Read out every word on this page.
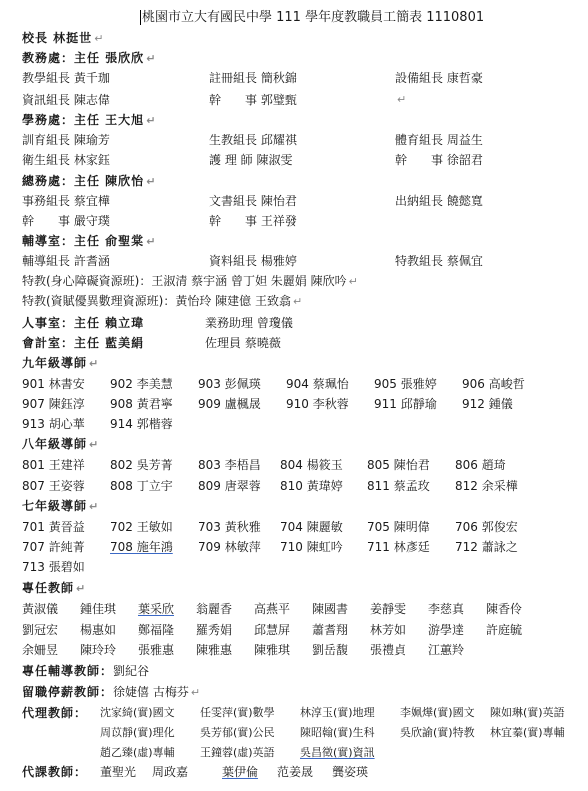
桃園市立大有國民中學 111 學年度教職員工簡表 1110801
校長 林挺世 ↵
教務處：主任 張欣欣 ↵
教學組長 黃千珈	註冊組長 簡秋錦	設備組長 康哲豪
資訊組長 陳志偉	幹　　事 郭璧甄	↵
學務處：主任 王大旭 ↵
訓育組長 陳瑜芳	生教組長 邱耀祺	體育組長 周益生
衛生組長 林家鈺	護 理 師 陳淑雯	幹　　事 徐韶君
總務處：主任 陳欣怡 ↵
事務組長 蔡宜樺	文書組長 陳怡君	出納組長 饒懿寬
幹　　事 嚴守璞	幹　　事 王祥發
輔導室：主任 俞聖棠 ↵
輔導組長 許耆涵	資料組長 楊雅婷	特教組長 蔡佩宜
特教(身心障礙資源班)：王淑清 蔡宇涵 曾丁妲 朱麗娟 陳欣吟 ↵
特教(資賦優異數理資源班)：黃怡玲 陳建億 王致翕 ↵
人事室：主任 賴立瑋	業務助理 曾瓊儀
會計室：主任 藍美絹	佐理員 蔡曉薇
九年級導師 ↵
901 林書安 902 李美慧 903 彭佩瑛 904 蔡珮怡 905 張雅婷 906 高峻哲
907 陳鈺淳 908 黃君寧 909 盧楓晟 910 李秋蓉 911 邱靜瑜 912 鍾儀
913 胡心華 914 郭楷蓉
八年級導師 ↵
801 王建祥 802 吳芳菁 803 李梧昌 804 楊筱玉 805 陳怡君 806 趙琦
807 王姿蓉 808 丁立宇 809 唐翠蓉 810 黃瑋婷 811 蔡孟玫 812 余采樺
七年級導師 ↵
701 黃晉益 702 王敏如 703 黃秋雅 704 陳麗敏 705 陳明偉 706 郭俊宏
707 許純菁 708 施年鴻 709 林敏萍 710 陳虹吟 711 林彥廷 712 蕭詠之
713 張碧如
專任教師 ↵
黃淑儀 鍾佳琪 葉采欣 翁麗香 高燕平 陳國書 姜靜雯 李慈真 陳香伶
劉冠宏 楊惠如 鄭福隆 羅秀娟 邱慧屏 蕭耆翔 林芳如 游學達 許庭毓
余姍昱 陳玲玲 張雅惠 陳雅惠 陳雅琪 劉岳馥 張禮貞 江蕙羚
專任輔導教師：劉紀谷
留職停薪教師：徐婕僖 古梅芬 ↵
代理教師： 沈家綺(實)國文 任雯萍(實)數學 林淳玉(實)地理 李姵燁(實)國文 陳如琳(實)英語
周苡靜(實)理化 吳芳郁(實)公民 陳昭翰(實)生科 吳欣諭(實)特教 林宜蓁(實)專輔
趙乙臻(虛)專輔 王鐘蓉(虛)英語 吳昌徵(實)資訊
代課教師： 董聖光 周政嘉	葉伊倫 范姜晟 龔姿瑛
